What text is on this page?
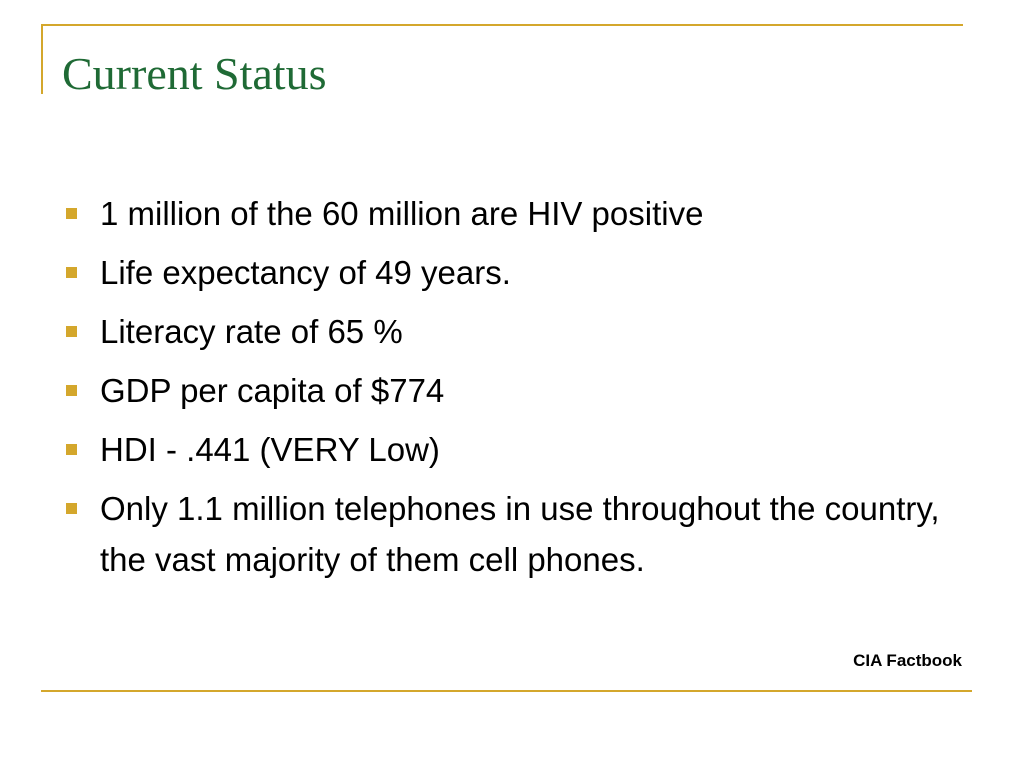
Current Status
1 million of the 60 million are HIV positive
Life expectancy of 49 years.
Literacy rate of 65 %
GDP per capita of $774
HDI - .441 (VERY Low)
Only 1.1 million telephones in use throughout the country, the vast majority of them cell phones.
CIA Factbook
